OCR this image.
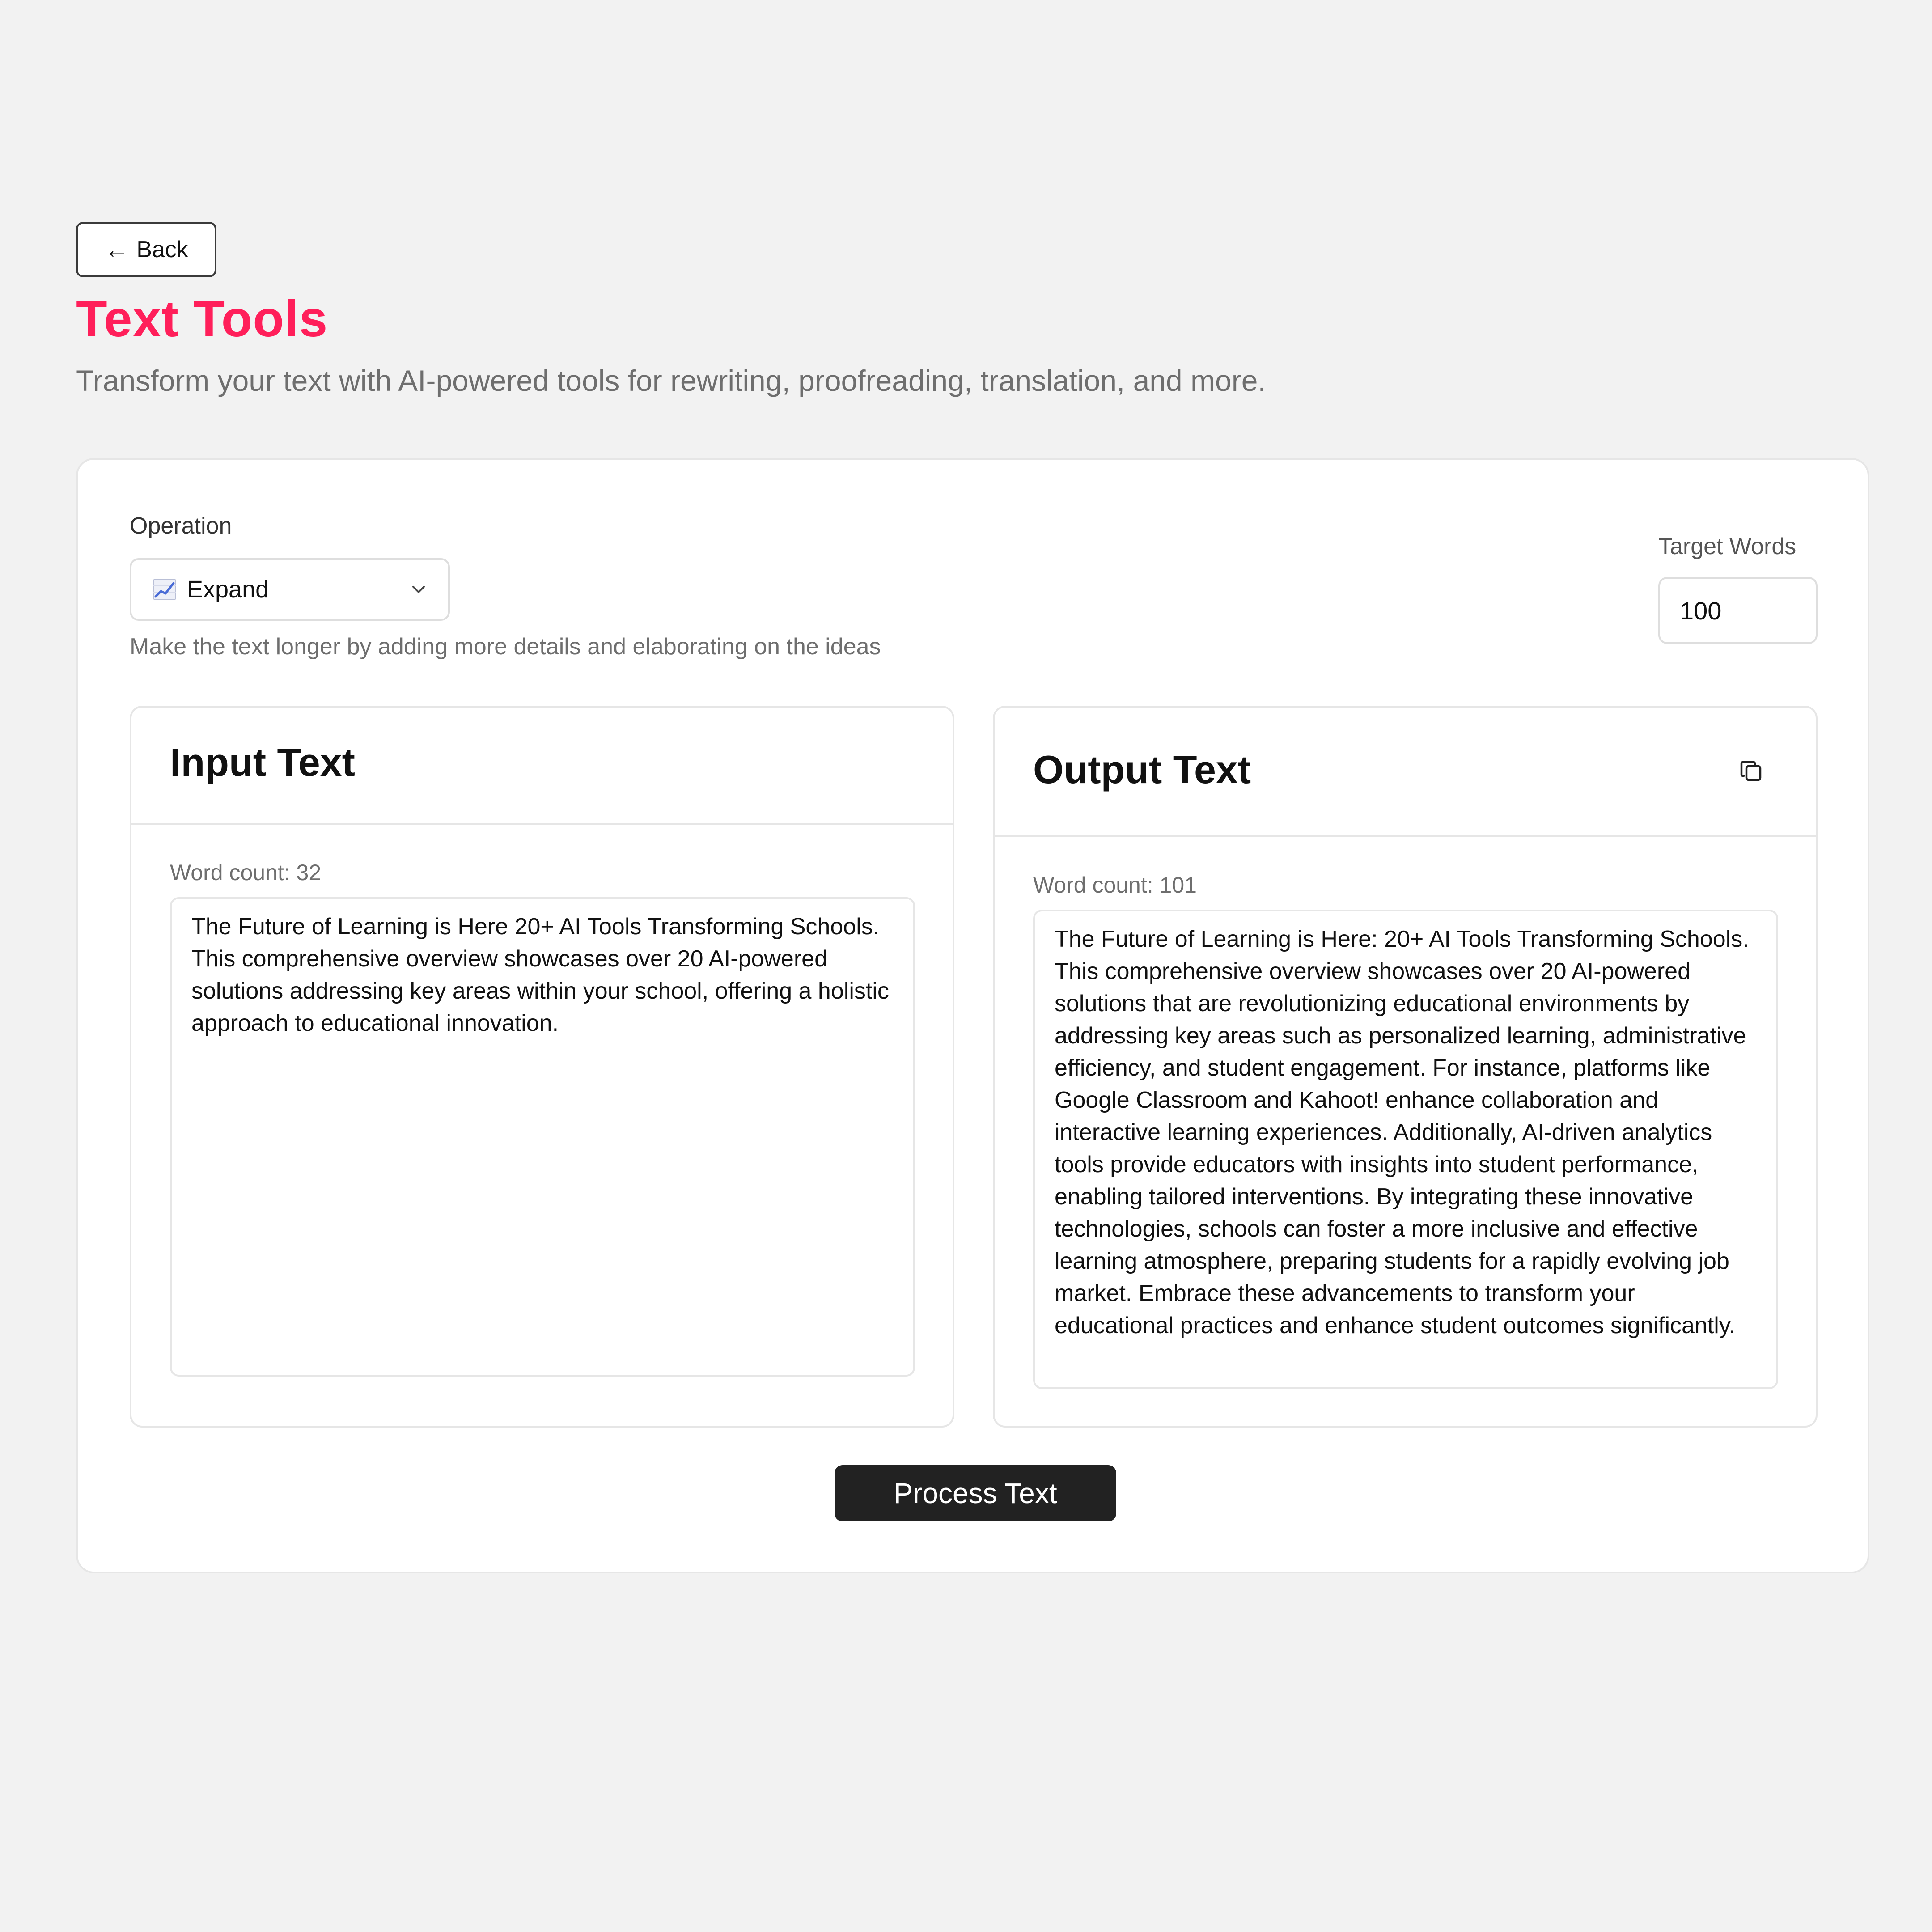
← Back
Text Tools

Transform your text with AI-powered tools for rewriting, proofreading, translation, and more.

Operation
Expand
Make the text longer by adding more details and elaborating on the ideas
Target Words
100
Input Text
Word count: 32
The Future of Learning is Here 20+ AI Tools Transforming Schools. This comprehensive overview showcases over 20 AI-powered solutions addressing key areas within your school, offering a holistic approach to educational innovation.
Output Text
Word count: 101
The Future of Learning is Here: 20+ AI Tools Transforming Schools. This comprehensive overview showcases over 20 AI-powered solutions that are revolutionizing educational environments by addressing key areas such as personalized learning, administrative efficiency, and student engagement. For instance, platforms like Google Classroom and Kahoot! enhance collaboration and interactive learning experiences. Additionally, AI-driven analytics tools provide educators with insights into student performance, enabling tailored interventions. By integrating these innovative technologies, schools can foster a more inclusive and effective learning atmosphere, preparing students for a rapidly evolving job market. Embrace these advancements to transform your educational practices and enhance student outcomes significantly.
Process Text
